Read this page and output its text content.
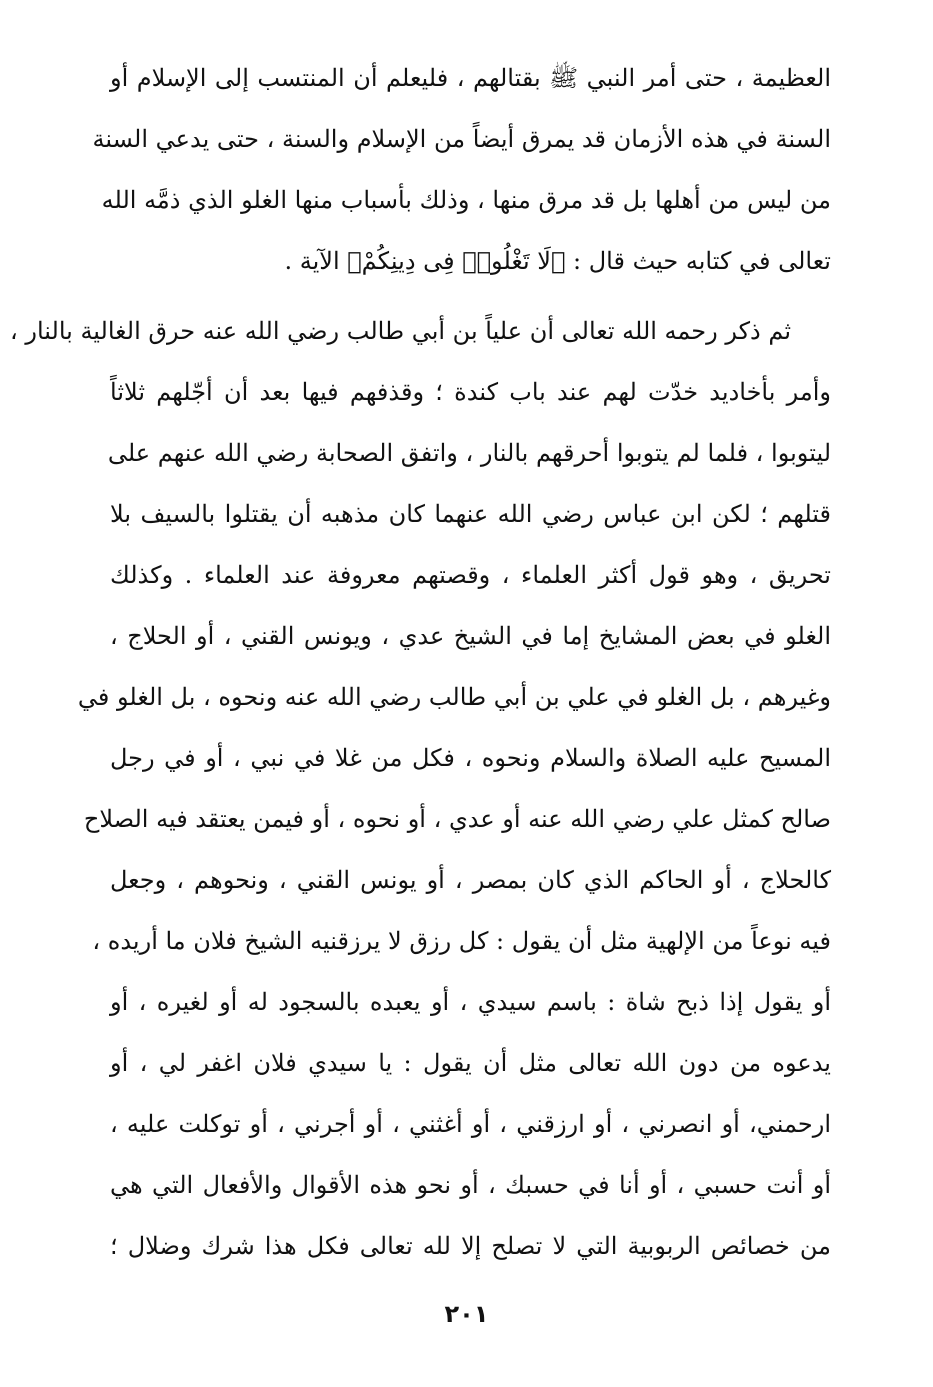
العظيمة ، حتى أمر النبي ﷺ بقتالهم ، فليعلم أن المنتسب إلى الإسلام أو
السنة في هذه الأزمان قد يمرق أيضاً من الإسلام والسنة ، حتى يدعي السنة
من ليس من أهلها بل قد مرق منها ، وذلك بأسباب منها الغلو الذي ذمَّه الله
تعالى في كتابه حيث قال : ﴿لَا تَغْلُوا۟ فِى دِينِكُمْ﴾ الآية .
ثم ذكر رحمه الله تعالى أن علياً بن أبي طالب رضي الله عنه حرق الغالية بالنار ،
وأمر بأخاديد خدّت لهم عند باب كندة ؛ وقذفهم فيها بعد أن أجّلهم ثلاثاً
ليتوبوا ، فلما لم يتوبوا أحرقهم بالنار ، واتفق الصحابة رضي الله عنهم على
قتلهم ؛ لكن ابن عباس رضي الله عنهما كان مذهبه أن يقتلوا بالسيف بلا
تحريق ، وهو قول أكثر العلماء ، وقصتهم معروفة عند العلماء . وكذلك
الغلو في بعض المشايخ إما في الشيخ عدي ، ويونس القني ، أو الحلاج ،
وغيرهم ، بل الغلو في علي بن أبي طالب رضي الله عنه ونحوه ، بل الغلو في
المسيح عليه الصلاة والسلام ونحوه ، فكل من غلا في نبي ، أو في رجل
صالح كمثل علي رضي الله عنه أو عدي ، أو نحوه ، أو فيمن يعتقد فيه الصلاح
كالحلاج ، أو الحاكم الذي كان بمصر ، أو يونس القني ، ونحوهم ، وجعل
فيه نوعاً من الإلهية مثل أن يقول : كل رزق لا يرزقنيه الشيخ فلان ما أريده ،
أو يقول إذا ذبح شاة : باسم سيدي ، أو يعبده بالسجود له أو لغيره ، أو
يدعوه من دون الله تعالى مثل أن يقول : يا سيدي فلان اغفر لي ، أو
ارحمني، أو انصرني ، أو ارزقني ، أو أغثني ، أو أجرني ، أو توكلت عليه ،
أو أنت حسبي ، أو أنا في حسبك ، أو نحو هذه الأقوال والأفعال التي هي
من خصائص الربوبية التي لا تصلح إلا لله تعالى فكل هذا شرك وضلال ؛
٢٠١
